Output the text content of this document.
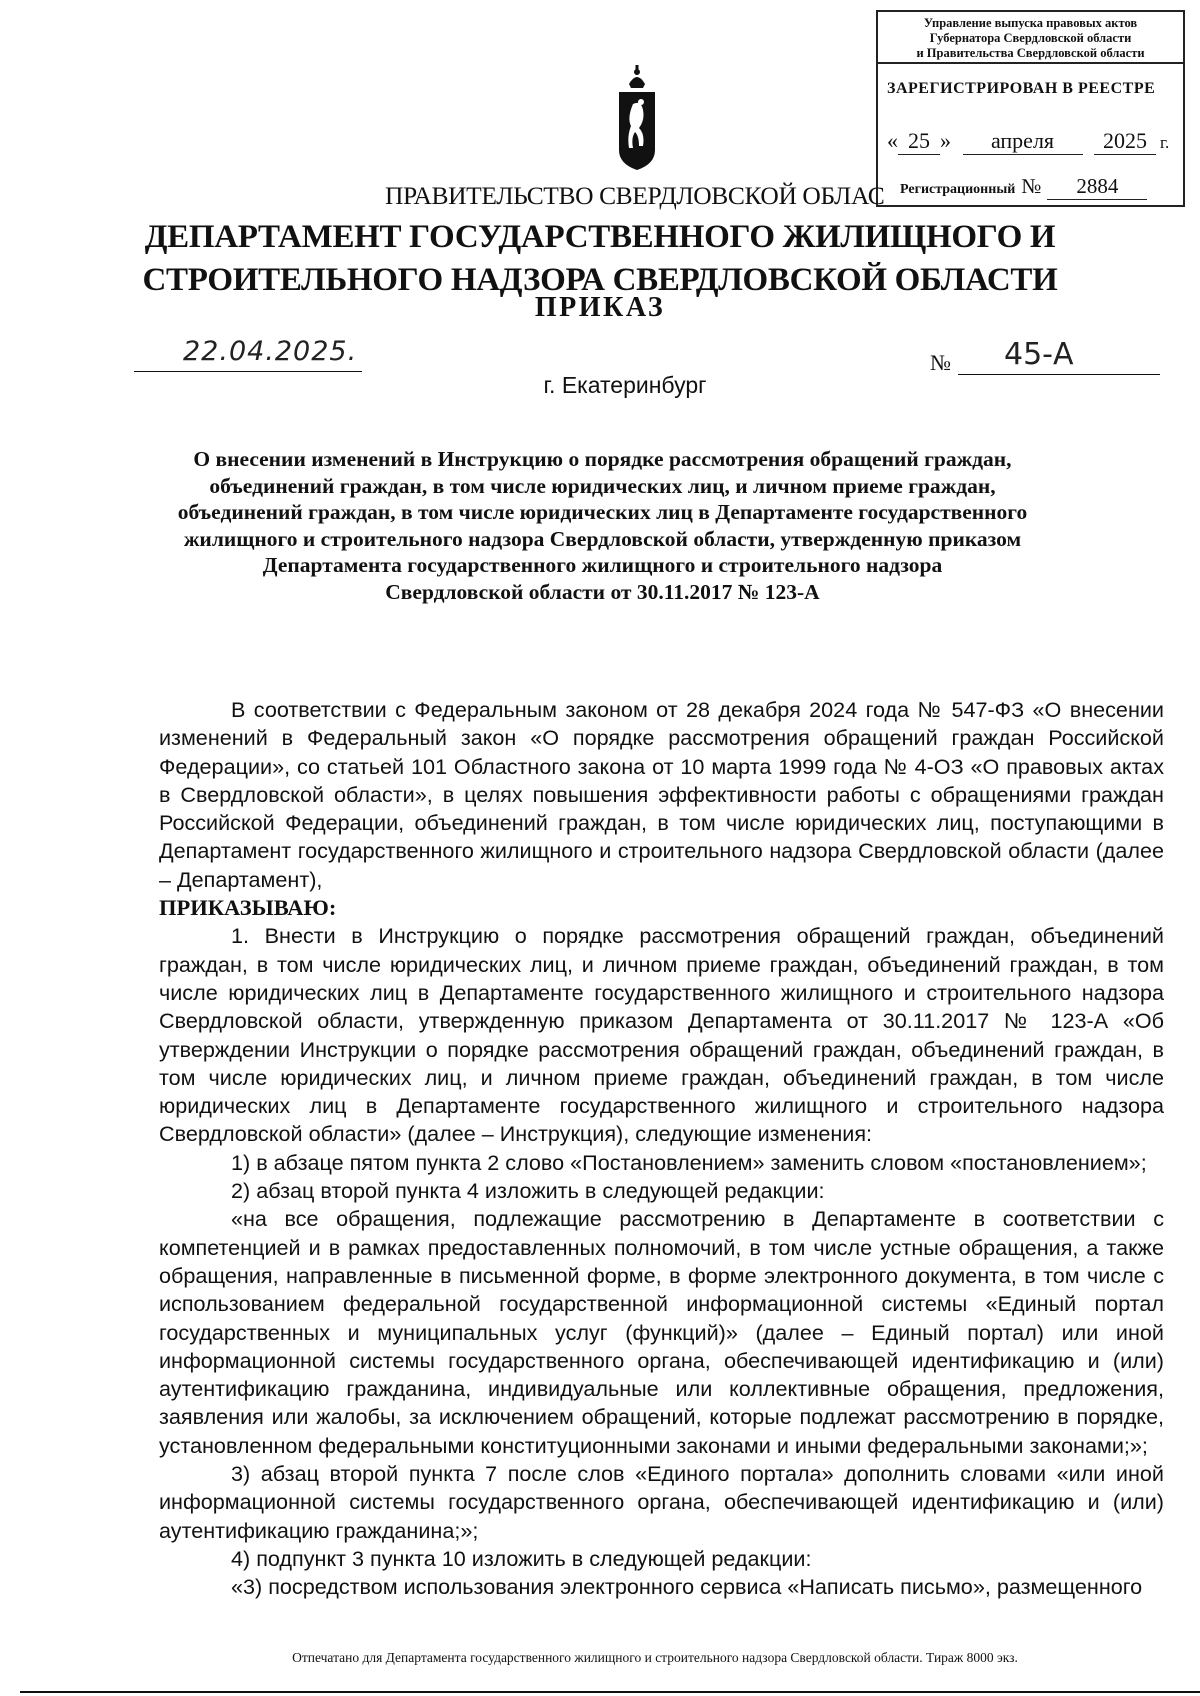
Управление выпуска правовых актов
Губернатора Свердловской области
и Правительства Свердловской области
ЗАРЕГИСТРИРОВАН В РЕЕСТРЕ
« 25 » апреля 2025 г.
Регистрационный № 2884
ПРАВИТЕЛЬСТВО СВЕРДЛОВСКОЙ ОБЛАС
ДЕПАРТАМЕНТ ГОСУДАРСТВЕННОГО ЖИЛИЩНОГО И
СТРОИТЕЛЬНОГО НАДЗОРА СВЕРДЛОВСКОЙ ОБЛАСТИ
ПРИКАЗ
22.04.2025.	№ 45-А
г. Екатеринбург

О внесении изменений в Инструкцию о порядке рассмотрения обращений граждан,

объединений граждан, в том числе юридических лиц, и личном приеме граждан,

объединений граждан, в том числе юридических лиц в Департаменте государственного

жилищного и строительного надзора Свердловской области, утвержденную приказом

Департамента государственного жилищного и строительного надзора

Свердловской области от 30.11.2017 № 123-А

В соответствии с Федеральным законом от 28 декабря 2024 года № 547-ФЗ «О внесении изменений в Федеральный закон «О порядке рассмотрения обращений граждан Российской Федерации», со статьей 101 Областного закона от 10 марта 1999 года № 4-ОЗ «О правовых актах в Свердловской области», в целях повышения эффективности работы с обращениями граждан Российской Федерации, объединений граждан, в том числе юридических лиц, поступающими в Департамент государственного жилищного и строительного надзора Свердловской области (далее – Департамент),

ПРИКАЗЫВАЮ:

1. Внести в Инструкцию о порядке рассмотрения обращений граждан, объединений граждан, в том числе юридических лиц, и личном приеме граждан, объединений граждан, в том числе юридических лиц в Департаменте государственного жилищного и строительного надзора Свердловской области, утвержденную приказом Департамента от 30.11.2017 № 123-А «Об утверждении Инструкции о порядке рассмотрения обращений граждан, объединений граждан, в том числе юридических лиц, и личном приеме граждан, объединений граждан, в том числе юридических лиц в Департаменте государственного жилищного и строительного надзора Свердловской области» (далее – Инструкция), следующие изменения:

1) в абзаце пятом пункта 2 слово «Постановлением» заменить словом «постановлением»;

2) абзац второй пункта 4 изложить в следующей редакции:

«на все обращения, подлежащие рассмотрению в Департаменте в соответствии с компетенцией и в рамках предоставленных полномочий, в том числе устные обращения, а также обращения, направленные в письменной форме, в форме электронного документа, в том числе с использованием федеральной государственной информационной системы «Единый портал государственных и муниципальных услуг (функций)» (далее – Единый портал) или иной информационной системы государственного органа, обеспечивающей идентификацию и (или) аутентификацию гражданина, индивидуальные или коллективные обращения, предложения, заявления или жалобы, за исключением обращений, которые подлежат рассмотрению в порядке, установленном федеральными конституционными законами и иными федеральными законами;»;

3) абзац второй пункта 7 после слов «Единого портала» дополнить словами «или иной информационной системы государственного органа, обеспечивающей идентификацию и (или) аутентификацию гражданина;»;

4) подпункт 3 пункта 10 изложить в следующей редакции:

«3) посредством использования электронного сервиса «Написать письмо», размещенного

Отпечатано для Департамента государственного жилищного и строительного надзора Свердловской области. Тираж 8000 экз.
